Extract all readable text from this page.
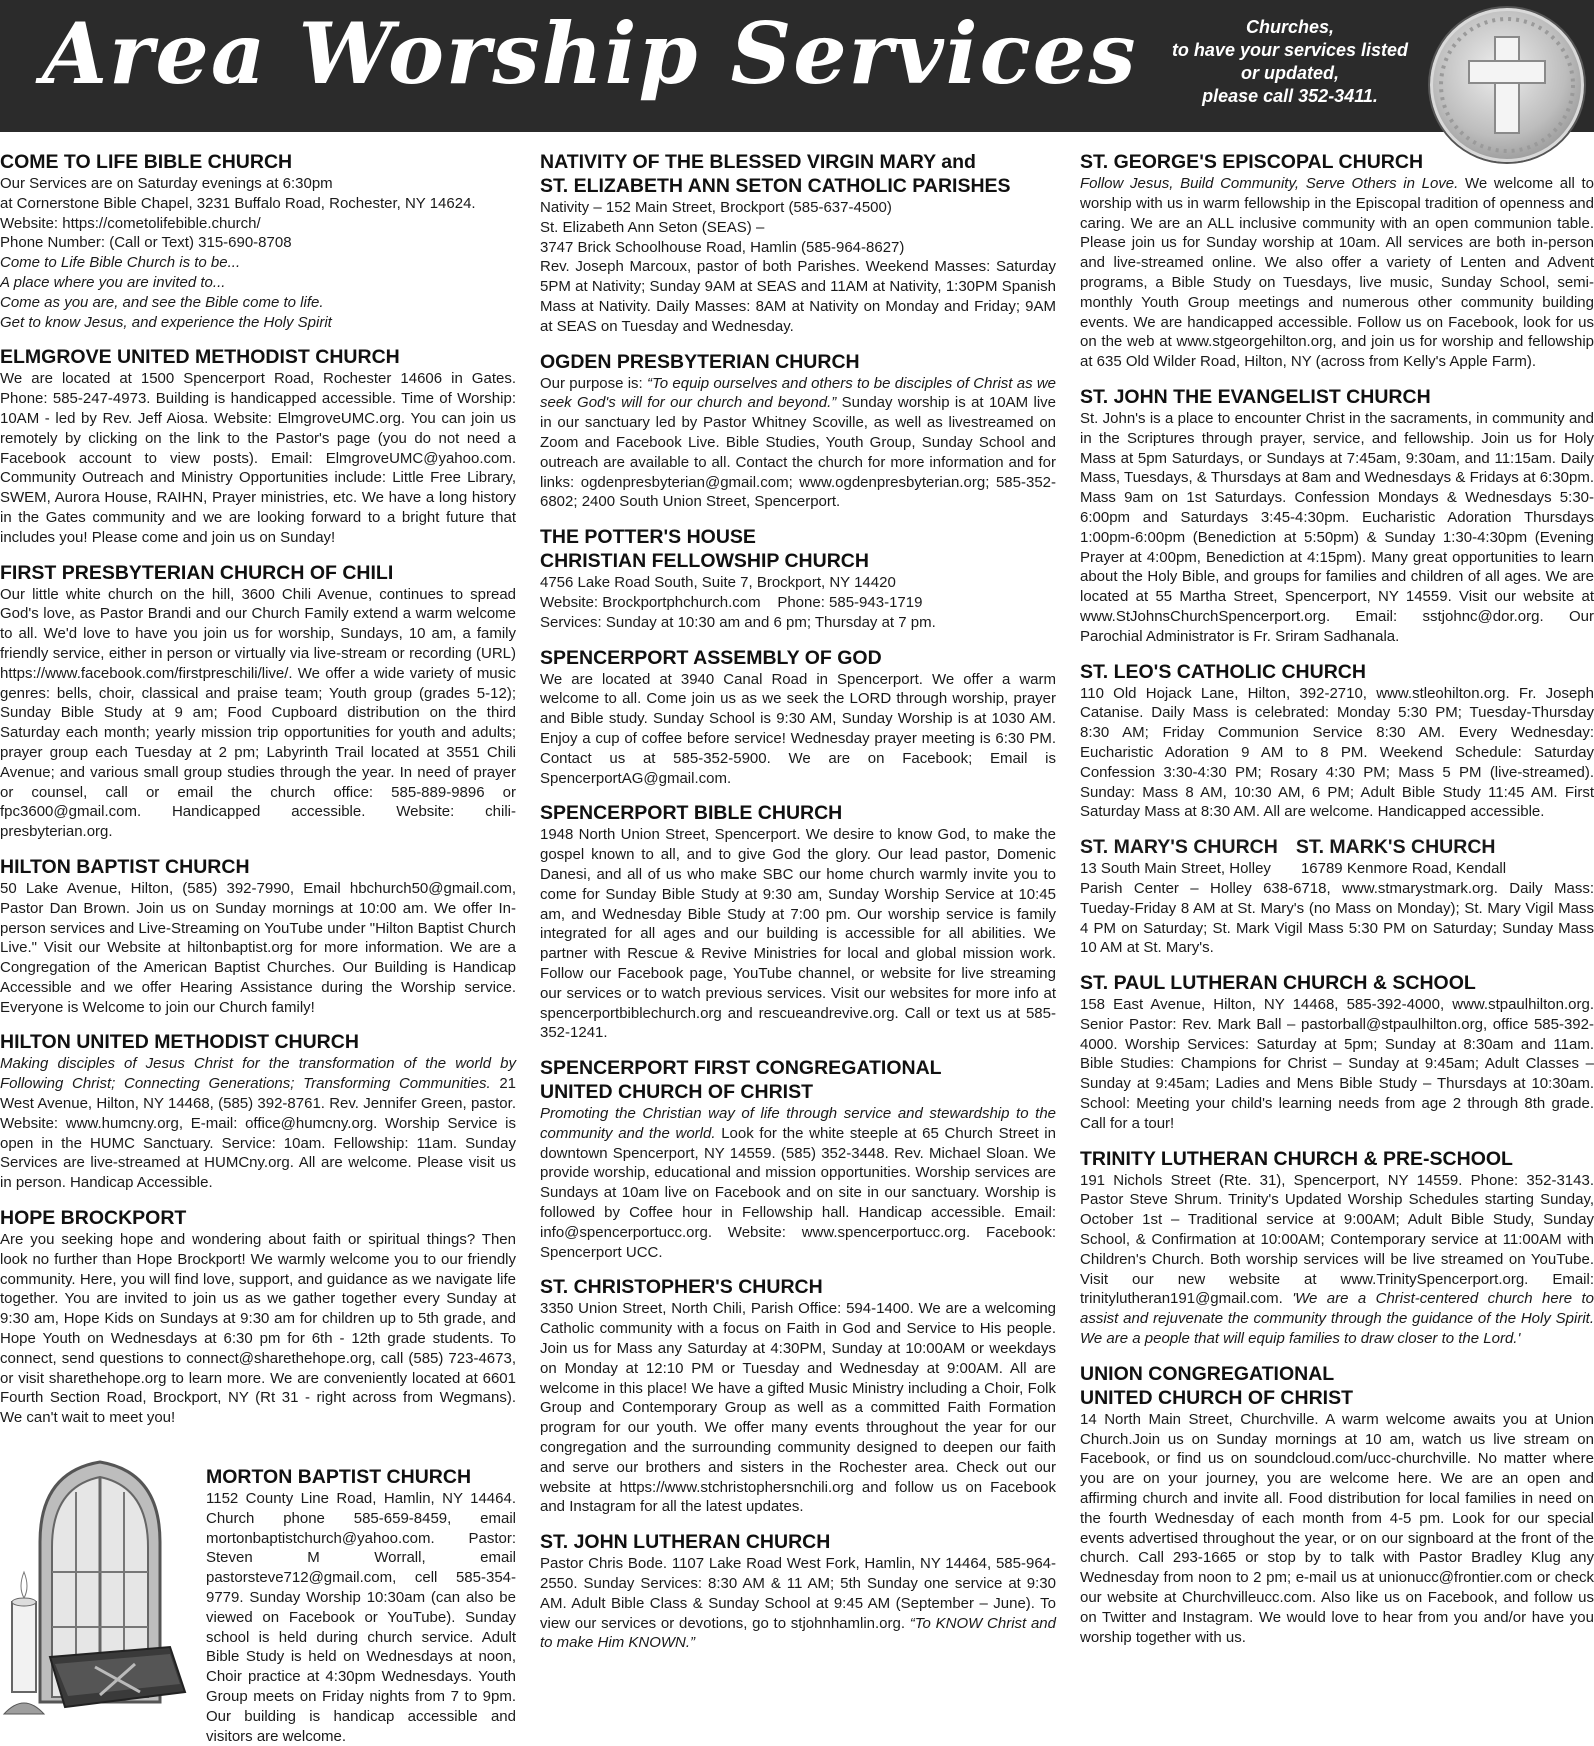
Area Worship Services	Churches,
to have your services listed
or updated,
please call 352-3411.
COME TO LIFE BIBLE CHURCH
Our Services are on Saturday evenings at 6:30pm
at Cornerstone Bible Chapel, 3231 Buffalo Road, Rochester, NY 14624.
Website: https://cometolifebible.church/
Phone Number: (Call or Text) 315-690-8708
Come to Life Bible Church is to be...
A place where you are invited to...
Come as you are, and see the Bible come to life.
Get to know Jesus, and experience the Holy Spirit
ELMGROVE UNITED METHODIST CHURCH

We are located at 1500 Spencerport Road, Rochester 14606 in Gates. Phone: 585-247-4973. Building is handicapped accessible. Time of Worship: 10AM - led by Rev. Jeff Aiosa. Website: ElmgroveUMC.org. You can join us remotely by clicking on the link to the Pastor's page (you do not need a Facebook account to view posts). Email: ElmgroveUMC@yahoo.com. Community Outreach and Ministry Opportunities include: Little Free Library, SWEM, Aurora House, RAIHN, Prayer ministries, etc. We have a long history in the Gates community and we are looking forward to a bright future that includes you! Please come and join us on Sunday!

FIRST PRESBYTERIAN CHURCH OF CHILI

Our little white church on the hill, 3600 Chili Avenue, continues to spread God's love, as Pastor Brandi and our Church Family extend a warm welcome to all. We'd love to have you join us for worship, Sundays, 10 am, a family friendly service, either in person or virtually via live-stream or recording (URL) https://www.facebook.com/firstpreschili/live/. We offer a wide variety of music genres: bells, choir, classical and praise team; Youth group (grades 5-12); Sunday Bible Study at 9 am; Food Cupboard distribution on the third Saturday each month; yearly mission trip opportunities for youth and adults; prayer group each Tuesday at 2 pm; Labyrinth Trail located at 3551 Chili Avenue; and various small group studies through the year. In need of prayer or counsel, call or email the church office: 585-889-9896 or fpc3600@gmail.com. Handicapped accessible. Website: chili-presbyterian.org.

HILTON BAPTIST CHURCH

50 Lake Avenue, Hilton, (585) 392-7990, Email hbchurch50@gmail.com, Pastor Dan Brown. Join us on Sunday mornings at 10:00 am. We offer In-person services and Live-Streaming on YouTube under "Hilton Baptist Church Live." Visit our Website at hiltonbaptist.org for more information. We are a Congregation of the American Baptist Churches. Our Building is Handicap Accessible and we offer Hearing Assistance during the Worship service. Everyone is Welcome to join our Church family!

HILTON UNITED METHODIST CHURCH

Making disciples of Jesus Christ for the transformation of the world by Following Christ; Connecting Generations; Transforming Communities. 21 West Avenue, Hilton, NY 14468, (585) 392-8761. Rev. Jennifer Green, pastor. Website: www.humcny.org, E-mail: office@humcny.org. Worship Service is open in the HUMC Sanctuary. Service: 10am. Fellowship: 11am. Sunday Services are live-streamed at HUMCny.org. All are welcome. Please visit us in person. Handicap Accessible.

HOPE BROCKPORT

Are you seeking hope and wondering about faith or spiritual things? Then look no further than Hope Brockport! We warmly welcome you to our friendly community. Here, you will find love, support, and guidance as we navigate life together. You are invited to join us as we gather together every Sunday at 9:30 am, Hope Kids on Sundays at 9:30 am for children up to 5th grade, and Hope Youth on Wednesdays at 6:30 pm for 6th - 12th grade students. To connect, send questions to connect@sharethehope.org, call (585) 723-4673, or visit sharethehope.org to learn more. We are conveniently located at 6601 Fourth Section Road, Brockport, NY (Rt 31 - right across from Wegmans). We can't wait to meet you!

MORTON BAPTIST CHURCH

1152 County Line Road, Hamlin, NY 14464. Church phone 585-659-8459, email mortonbaptistchurch@yahoo.com. Pastor: Steven M Worrall, email pastorsteve712@gmail.com, cell 585-354-9779. Sunday Worship 10:30am (can also be viewed on Facebook or YouTube). Sunday school is held during church service. Adult Bible Study is held on Wednesdays at noon, Choir practice at 4:30pm Wednesdays. Youth Group meets on Friday nights from 7 to 9pm. Our building is handicap accessible and visitors are welcome.

NATIVITY OF THE BLESSED VIRGIN MARY and
ST. ELIZABETH ANN SETON CATHOLIC PARISHES
Nativity – 152 Main Street, Brockport (585-637-4500)
St. Elizabeth Ann Seton (SEAS) –
3747 Brick Schoolhouse Road, Hamlin (585-964-8627)

Rev. Joseph Marcoux, pastor of both Parishes. Weekend Masses: Saturday 5PM at Nativity; Sunday 9AM at SEAS and 11AM at Nativity, 1:30PM Spanish Mass at Nativity. Daily Masses: 8AM at Nativity on Monday and Friday; 9AM at SEAS on Tuesday and Wednesday.

OGDEN PRESBYTERIAN CHURCH

Our purpose is: “To equip ourselves and others to be disciples of Christ as we seek God's will for our church and beyond.” Sunday worship is at 10AM live in our sanctuary led by Pastor Whitney Scoville, as well as livestreamed on Zoom and Facebook Live. Bible Studies, Youth Group, Sunday School and outreach are available to all. Contact the church for more information and for links: ogdenpresbyterian@gmail.com; www.ogdenpresbyterian.org; 585-352-6802; 2400 South Union Street, Spencerport.

THE POTTER'S HOUSE
CHRISTIAN FELLOWSHIP CHURCH
4756 Lake Road South, Suite 7, Brockport, NY 14420
Website: Brockportphchurch.com    Phone: 585-943-1719
Services: Sunday at 10:30 am and 6 pm; Thursday at 7 pm.
SPENCERPORT ASSEMBLY OF GOD

We are located at 3940 Canal Road in Spencerport. We offer a warm welcome to all. Come join us as we seek the LORD through worship, prayer and Bible study. Sunday School is 9:30 AM, Sunday Worship is at 1030 AM. Enjoy a cup of coffee before service! Wednesday prayer meeting is 6:30 PM. Contact us at 585-352-5900. We are on Facebook; Email is SpencerportAG@gmail.com.

SPENCERPORT BIBLE CHURCH

1948 North Union Street, Spencerport. We desire to know God, to make the gospel known to all, and to give God the glory. Our lead pastor, Domenic Danesi, and all of us who make SBC our home church warmly invite you to come for Sunday Bible Study at 9:30 am, Sunday Worship Service at 10:45 am, and Wednesday Bible Study at 7:00 pm. Our worship service is family integrated for all ages and our building is accessible for all abilities. We partner with Rescue & Revive Ministries for local and global mission work. Follow our Facebook page, YouTube channel, or website for live streaming our services or to watch previous services. Visit our websites for more info at spencerportbiblechurch.org and rescueandrevive.org. Call or text us at 585-352-1241.

SPENCERPORT FIRST CONGREGATIONAL
UNITED CHURCH OF CHRIST

Promoting the Christian way of life through service and stewardship to the community and the world. Look for the white steeple at 65 Church Street in downtown Spencerport, NY 14559. (585) 352-3448. Rev. Michael Sloan. We provide worship, educational and mission opportunities. Worship services are Sundays at 10am live on Facebook and on site in our sanctuary. Worship is followed by Coffee hour in Fellowship hall. Handicap accessible. Email: info@spencerportucc.org. Website: www.spencerportucc.org. Facebook: Spencerport UCC.

ST. CHRISTOPHER'S CHURCH

3350 Union Street, North Chili, Parish Office: 594-1400. We are a welcoming Catholic community with a focus on Faith in God and Service to His people. Join us for Mass any Saturday at 4:30PM, Sunday at 10:00AM or weekdays on Monday at 12:10 PM or Tuesday and Wednesday at 9:00AM. All are welcome in this place! We have a gifted Music Ministry including a Choir, Folk Group and Contemporary Group as well as a committed Faith Formation program for our youth. We offer many events throughout the year for our congregation and the surrounding community designed to deepen our faith and serve our brothers and sisters in the Rochester area. Check out our website at https://www.stchristophersnchili.org and follow us on Facebook and Instagram for all the latest updates.

ST. JOHN LUTHERAN CHURCH

Pastor Chris Bode. 1107 Lake Road West Fork, Hamlin, NY 14464, 585-964-2550. Sunday Services: 8:30 AM & 11 AM; 5th Sunday one service at 9:30 AM. Adult Bible Class & Sunday School at 9:45 AM (September – June). To view our services or devotions, go to stjohnhamlin.org. “To KNOW Christ and to make Him KNOWN.”

ST. GEORGE'S EPISCOPAL CHURCH

Follow Jesus, Build Community, Serve Others in Love. We welcome all to worship with us in warm fellowship in the Episcopal tradition of openness and caring. We are an ALL inclusive community with an open communion table. Please join us for Sunday worship at 10am. All services are both in-person and live-streamed online. We also offer a variety of Lenten and Advent programs, a Bible Study on Tuesdays, live music, Sunday School, semi-monthly Youth Group meetings and numerous other community building events. We are handicapped accessible. Follow us on Facebook, look for us on the web at www.stgeorgehilton.org, and join us for worship and fellowship at 635 Old Wilder Road, Hilton, NY (across from Kelly's Apple Farm).

ST. JOHN THE EVANGELIST CHURCH

St. John's is a place to encounter Christ in the sacraments, in community and in the Scriptures through prayer, service, and fellowship. Join us for Holy Mass at 5pm Saturdays, or Sundays at 7:45am, 9:30am, and 11:15am. Daily Mass, Tuesdays, & Thursdays at 8am and Wednesdays & Fridays at 6:30pm. Mass 9am on 1st Saturdays. Confession Mondays & Wednesdays 5:30-6:00pm and Saturdays 3:45-4:30pm. Eucharistic Adoration Thursdays 1:00pm-6:00pm (Benediction at 5:50pm) & Sunday 1:30-4:30pm (Evening Prayer at 4:00pm, Benediction at 4:15pm). Many great opportunities to learn about the Holy Bible, and groups for families and children of all ages. We are located at 55 Martha Street, Spencerport, NY 14559. Visit our website at www.StJohnsChurchSpencerport.org. Email: sstjohnc@dor.org. Our Parochial Administrator is Fr. Sriram Sadhanala.

ST. LEO'S CATHOLIC CHURCH

110 Old Hojack Lane, Hilton, 392-2710, www.stleohilton.org. Fr. Joseph Catanise. Daily Mass is celebrated: Monday 5:30 PM; Tuesday-Thursday 8:30 AM; Friday Communion Service 8:30 AM. Every Wednesday: Eucharistic Adoration 9 AM to 8 PM. Weekend Schedule: Saturday Confession 3:30-4:30 PM; Rosary 4:30 PM; Mass 5 PM (live-streamed). Sunday: Mass 8 AM, 10:30 AM, 6 PM; Adult Bible Study 11:45 AM. First Saturday Mass at 8:30 AM. All are welcome. Handicapped accessible.

ST. MARY'S CHURCH ST. MARK'S CHURCH
13 South Main Street, Holley 16789 Kenmore Road, Kendall

Parish Center – Holley 638-6718, www.stmarystmark.org. Daily Mass: Tueday-Friday 8 AM at St. Mary's (no Mass on Monday); St. Mary Vigil Mass 4 PM on Saturday; St. Mark Vigil Mass 5:30 PM on Saturday; Sunday Mass 10 AM at St. Mary's.

ST. PAUL LUTHERAN CHURCH & SCHOOL

158 East Avenue, Hilton, NY 14468, 585-392-4000, www.stpaulhilton.org. Senior Pastor: Rev. Mark Ball – pastorball@stpaulhilton.org, office 585-392-4000. Worship Services: Saturday at 5pm; Sunday at 8:30am and 11am. Bible Studies: Champions for Christ – Sunday at 9:45am; Adult Classes – Sunday at 9:45am; Ladies and Mens Bible Study – Thursdays at 10:30am. School: Meeting your child's learning needs from age 2 through 8th grade. Call for a tour!

TRINITY LUTHERAN CHURCH & PRE-SCHOOL

191 Nichols Street (Rte. 31), Spencerport, NY 14559. Phone: 352-3143. Pastor Steve Shrum. Trinity's Updated Worship Schedules starting Sunday, October 1st – Traditional service at 9:00AM; Adult Bible Study, Sunday School, & Confirmation at 10:00AM; Contemporary service at 11:00AM with Children's Church. Both worship services will be live streamed on YouTube. Visit our new website at www.TrinitySpencerport.org. Email: trinitylutheran191@gmail.com. 'We are a Christ-centered church here to assist and rejuvenate the community through the guidance of the Holy Spirit. We are a people that will equip families to draw closer to the Lord.'

UNION CONGREGATIONAL
UNITED CHURCH OF CHRIST

14 North Main Street, Churchville. A warm welcome awaits you at Union Church.Join us on Sunday mornings at 10 am, watch us live stream on Facebook, or find us on soundcloud.com/ucc-churchville. No matter where you are on your journey, you are welcome here. We are an open and affirming church and invite all. Food distribution for local families in need on the fourth Wednesday of each month from 4-5 pm. Look for our special events advertised throughout the year, or on our signboard at the front of the church. Call 293-1665 or stop by to talk with Pastor Bradley Klug any Wednesday from noon to 2 pm; e-mail us at unionucc@frontier.com or check our website at Churchvilleucc.com. Also like us on Facebook, and follow us on Twitter and Instagram. We would love to hear from you and/or have you worship together with us.
